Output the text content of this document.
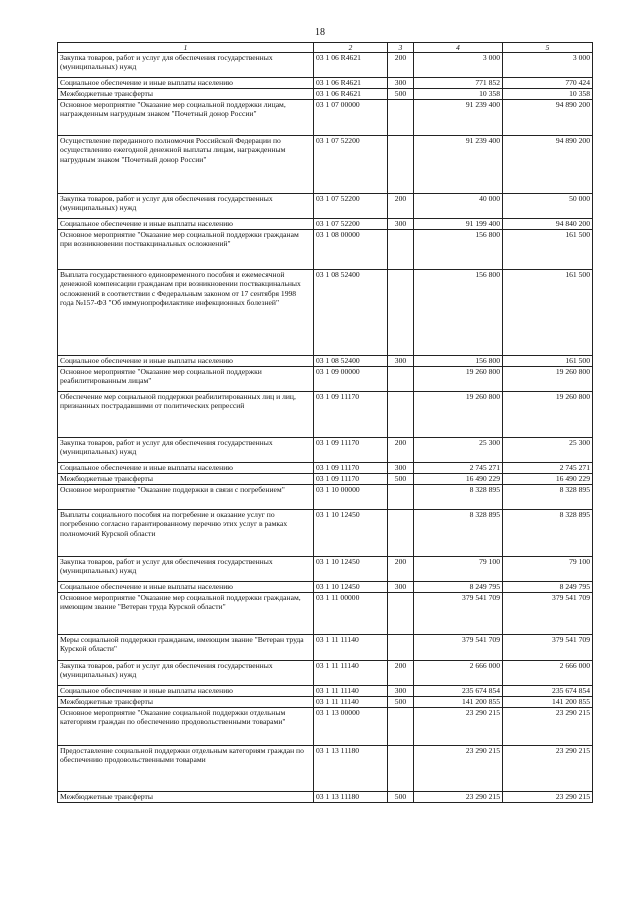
18
1	2	3	4	5
Закупка товаров, работ и услуг для обеспечения государственных (муниципальных) нужд	03 1 06 R4621	200	3 000	3 000
Социальное обеспечение и иные выплаты населению	03 1 06 R4621	300	771 852	770 424
Межбюджетные трансферты	03 1 06 R4621	500	10 358	10 358
Основное мероприятие "Оказание мер социальной поддержки лицам, награжденным нагрудным знаком "Почетный донор России"	03 1 07 00000		91 239 400	94 890 200
Осуществление переданного полномочия Российской Федерации по осуществлению ежегодной денежной выплаты лицам, награжденным нагрудным знаком "Почетный донор России"	03 1 07 52200		91 239 400	94 890 200
Закупка товаров, работ и услуг для обеспечения государственных (муниципальных) нужд	03 1 07 52200	200	40 000	50 000
Социальное обеспечение и иные выплаты населению	03 1 07 52200	300	91 199 400	94 840 200
Основное мероприятие "Оказание мер социальной поддержки гражданам при возникновении поствакцинальных осложнений"	03 1 08 00000		156 800	161 500
Выплата государственного единовременного пособия и ежемесячной денежной компенсации гражданам при возникновении поствакцинальных осложнений в соответствии с Федеральным законом от 17 сентября 1998 года №157-ФЗ "Об иммунопрофилактике инфекционных болезней"	03 1 08 52400		156 800	161 500
Социальное обеспечение и иные выплаты населению	03 1 08 52400	300	156 800	161 500
Основное мероприятие "Оказание мер социальной поддержки реабилитированным лицам"	03 1 09 00000		19 260 800	19 260 800
Обеспечение мер социальной поддержки реабилитированных лиц и лиц, признанных пострадавшими от политических репрессий	03 1 09 11170		19 260 800	19 260 800
Закупка товаров, работ и услуг для обеспечения государственных (муниципальных) нужд	03 1 09 11170	200	25 300	25 300
Социальное обеспечение и иные выплаты населению	03 1 09 11170	300	2 745 271	2 745 271
Межбюджетные трансферты	03 1 09 11170	500	16 490 229	16 490 229
Основное мероприятие "Оказание поддержки в связи с погребением"	03 1 10 00000		8 328 895	8 328 895
Выплаты социального пособия на погребение и оказание услуг по погребению согласно гарантированному перечню этих услуг в рамках полномочий Курской области	03 1 10 12450		8 328 895	8 328 895
Закупка товаров, работ и услуг для обеспечения государственных (муниципальных) нужд	03 1 10 12450	200	79 100	79 100
Социальное обеспечение и иные выплаты населению	03 1 10 12450	300	8 249 795	8 249 795
Основное мероприятие "Оказание мер социальной поддержки гражданам, имеющим звание "Ветеран труда Курской области"	03 1 11 00000		379 541 709	379 541 709
Меры социальной поддержки гражданам, имеющим звание "Ветеран труда Курской области"	03 1 11 11140		379 541 709	379 541 709
Закупка товаров, работ и услуг для обеспечения государственных (муниципальных) нужд	03 1 11 11140	200	2 666 000	2 666 000
Социальное обеспечение и иные выплаты населению	03 1 11 11140	300	235 674 854	235 674 854
Межбюджетные трансферты	03 1 11 11140	500	141 200 855	141 200 855
Основное мероприятие "Оказание социальной поддержки отдельным категориям граждан по обеспечению продовольственными товарами"	03 1 13 00000		23 290 215	23 290 215
Предоставление социальной поддержки отдельным категориям граждан по обеспечению продовольственными товарами	03 1 13 11180		23 290 215	23 290 215
Межбюджетные трансферты	03 1 13 11180	500	23 290 215	23 290 215
